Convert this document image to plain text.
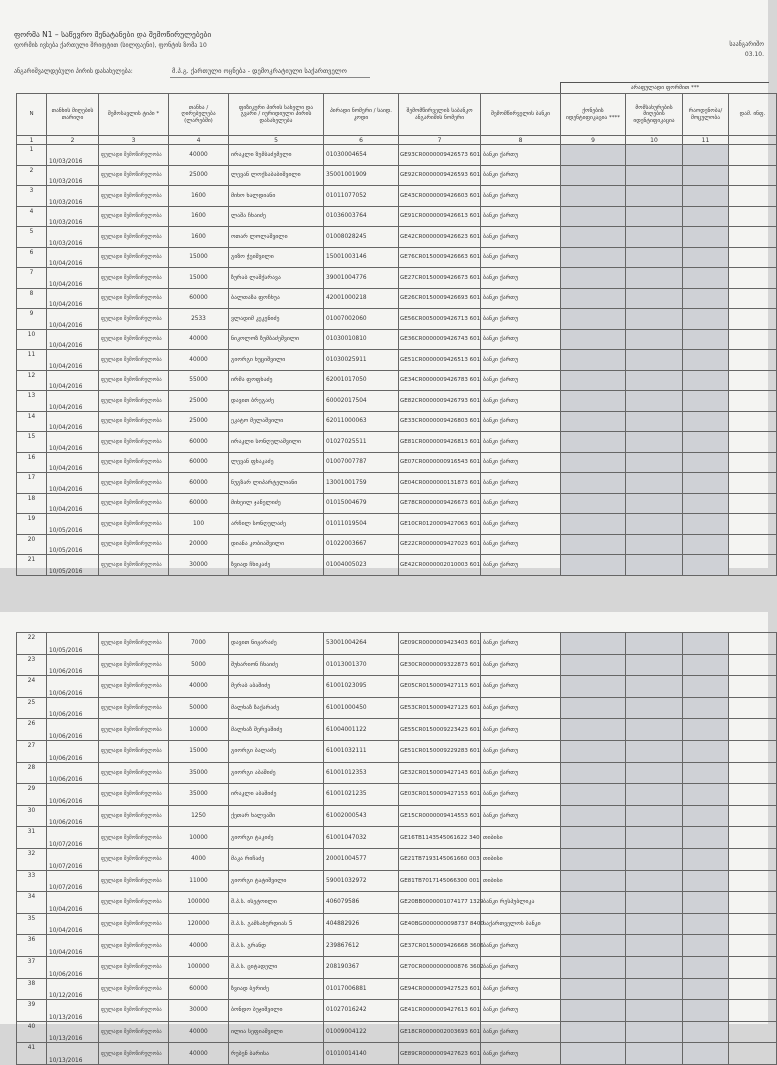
ფორმა N1 – საწევრო შენატანები და შემოწირულებები
ფორმის ივსება ქართული შრიფტით (სილფაენი), ფონტის ზომა 10
ანგარიშვალდებული პირის დასახელება:	მ.პ.გ. ქართული ოცნება - დემოკრატიული საქართველო
საანგარიშო
03.10.
არაფულადი ფორმით ***
N	თანხის მიღების თარიღი	შემოსავლის ტიპი *	თანხა / ღირებულება (ლარებში)	ფიზიკური პირის სახელი და გვარი / იურიდიული პირის დასახელება	პირადი ნომერი / საიდ. კოდი	შემომწირველის საბანკო ანგარიშის ნომერი	შემომწირველის ბანკი	ქონების იდენტიფიკაცია ****	მომსახურების მიღების იდენტიფიკაცია	რაოდენობა/ მოცულობა	დამ. ინფ.
1	2	3	4	5	6	7	8	9	10	11	
1	10/03/2016	ფულადი შემოწირულობა	40000	ირაკლი ზუმბაძემელი	01030004654	GE93CR0000009426573 601	ბანკი ქართუ				
2	10/03/2016	ფულადი შემოწირულობა	25000	ლევან ლოქსაბაბიშვილი	35001001909	GE92CR0000009426593 601	ბანკი ქართუ				
3	10/03/2016	ფულადი შემოწირულობა	1600	მიხო ხალდიანი	01011077052	GE43CR0000009426603 601	ბანკი ქართუ				
4	10/03/2016	ფულადი შემოწირულობა	1600	ლაშა ჩხაიძე	01036003764	GE91CR0000009426613 601	ბანკი ქართუ				
5	10/03/2016	ფულადი შემოწირულობა	1600	ოთარ ლოლაშვილი	01008028245	GE42CR0000009426623 601	ბანკი ქართუ				
6	10/04/2016	ფულადი შემოწირულობა	15000	გიზო ჭეიშვილი	15001003146	GE76CR0150009426663 601	ბანკი ქართუ				
7	10/04/2016	ფულადი შემოწირულობა	15000	ზურაბ ლაშქარავა	39001004776	GE27CR0150009426673 601	ბანკი ქართუ				
8	10/04/2016	ფულადი შემოწირულობა	60000	ბალთაზა ფოჩხუა	42001000218	GE26CR0150009426693 601	ბანკი ქართუ				
9	10/04/2016	ფულადი შემოწირულობა	2533	ვლადიმ კეკენიძე	01007002060	GE56CR0050009426713 601	ბანკი ქართუ				
10	10/04/2016	ფულადი შემოწირულობა	40000	ნიკოლოზ ზუმბაძეშვილი	01030010810	GE36CR0000009426743 601	ბანკი ქართუ				
11	10/04/2016	ფულადი შემოწირულობა	40000	გიორგი ხუციშვილი	01030025911	GE51CR0000009426513 601	ბანკი ქართუ				
12	10/04/2016	ფულადი შემოწირულობა	55000	ირმა ფოფხაძე	62001017050	GE34CR0000009426783 601	ბანკი ქართუ				
13	10/04/2016	ფულადი შემოწირულობა	25000	დავით ბრეგაძე	60002017504	GE82CR0000009426793 601	ბანკი ქართუ				
14	10/04/2016	ფულადი შემოწირულობა	25000	ეკატო მელაშვილი	62011000063	GE33CR0000009426803 601	ბანკი ქართუ				
15	10/04/2016	ფულადი შემოწირულობა	60000	ირაკლი სონღულაშვილი	01027025511	GE81CR0000009426813 601	ბანკი ქართუ				
16	10/04/2016	ფულადი შემოწირულობა	60000	ლევან ფხაკაძე	01007007787	GE07CR0000000916543 601	ბანკი ქართუ				
17	10/04/2016	ფულადი შემოწირულობა	60000	ნუგზარ ლიპარტელიანი	13001001759	GE04CR0000000131873 601	ბანკი ქართუ				
18	10/04/2016	ფულადი შემოწირულობა	60000	მიხეილ ჯანელიძე	01015004679	GE78CR0000009426673 601	ბანკი ქართუ				
19	10/05/2016	ფულადი შემოწირულობა	100	არჩილ სონღულაძე	01011019504	GE10CR0120009427063 601	ბანკი ქართუ				
20	10/05/2016	ფულადი შემოწირულობა	20000	დიანა კობიაშვილი	01022003667	GE22CR0000009427023 601	ბანკი ქართუ				
21	10/05/2016	ფულადი შემოწირულობა	30000	ზვიად ჩხიკაძე	01004005023	GE42CR0000002010003 601	ბანკი ქართუ				
22	10/05/2016	ფულადი შემოწირულობა	7000	დავით ნიჟარაძე	53001004264	GE09CR0000009423403 601	ბანკი ქართუ				
23	10/06/2016	ფულადი შემოწირულობა	5000	შუხარიონ ჩხაიძე	01013001370	GE30CR0000009322873 601	ბანკი ქართუ				
24	10/06/2016	ფულადი შემოწირულობა	40000	მერაბ აბაშიძე	61001023095	GE05CR0150009427113 601	ბანკი ქართუ				
25	10/06/2016	ფულადი შემოწირულობა	50000	მალხაზ ზაქარაძე	61001000450	GE53CR0150009427123 601	ბანკი ქართუ				
26	10/06/2016	ფულადი შემოწირულობა	10000	მალხაზ შერვაშიძე	61004001122	GE55CR0150009223423 601	ბანკი ქართუ				
27	10/06/2016	ფულადი შემოწირულობა	15000	გიორგი ბალაძე	61001032111	GE51CR0150009229283 601	ბანკი ქართუ				
28	10/06/2016	ფულადი შემოწირულობა	35000	გიორგი აბაშიძე	61001012353	GE32CR0150009427143 601	ბანკი ქართუ				
29	10/06/2016	ფულადი შემოწირულობა	35000	ირაკლი აბაშიძე	61001021235	GE03CR0150009427153 601	ბანკი ქართუ				
30	10/06/2016	ფულადი შემოწირულობა	1250	ქეთარ ხალვაში	61002000543	GE15CR0000009414553 601	ბანკი ქართუ				
31	10/07/2016	ფულადი შემოწირულობა	10000	გიორგი ტაკიძე	61001047032	GE16TB1143545061622 340	თიბისი				
32	10/07/2016	ფულადი შემოწირულობა	4000	მაკა რიჩაძე	20001004577	GE21TB7193145061660 003	თიბისი				
33	10/07/2016	ფულადი შემოწირულობა	11000	გიორგი ტატიშვილი	59001032972	GE81TB7017145066300 001	თიბისი				
34	10/04/2016	ფულადი შემოწირულობა	100000	შ.პ.ს. ისეტოილი	406079586	GE20BB0000001074177 1329	ბანკი რესპუბლიკა				
35	10/04/2016	ფულადი შემოწირულობა	120000	შ.პ.ს. გამსახურდიას 5	404882926	GE40BG0000000098737 8400	საქართველოს ბანკი				
36	10/04/2016	ფულადი შემოწირულობა	40000	შ.პ.ს. გრანდ	239867612	GE37CR0150009426668 3606	ბანკი ქართუ				
37	10/06/2016	ფულადი შემოწირულობა	100000	შ.პ.ს. ციტადელი	208190367	GE70CR0000000000876 3602	ბანკი ქართუ				
38	10/12/2016	ფულადი შემოწირულობა	60000	ზვიად ბერიძე	01017006881	GE94CR0000009427523 601	ბანკი ქართუ				
39	10/13/2016	ფულადი შემოწირულობა	30000	ბონდო ბუჯიშვილი	01027016242	GE41CR0000009427613 601	ბანკი ქართუ				
40	10/13/2016	ფულადი შემოწირულობა	40000	ილია სეფიაშვილი	01009004122	GE18CR0000002003693 601	ბანკი ქართუ				
41	10/13/2016	ფულადი შემოწირულობა	40000	რუბენ ბარისა	01010014140	GE89CR0000009427623 601	ბანკი ქართუ				
